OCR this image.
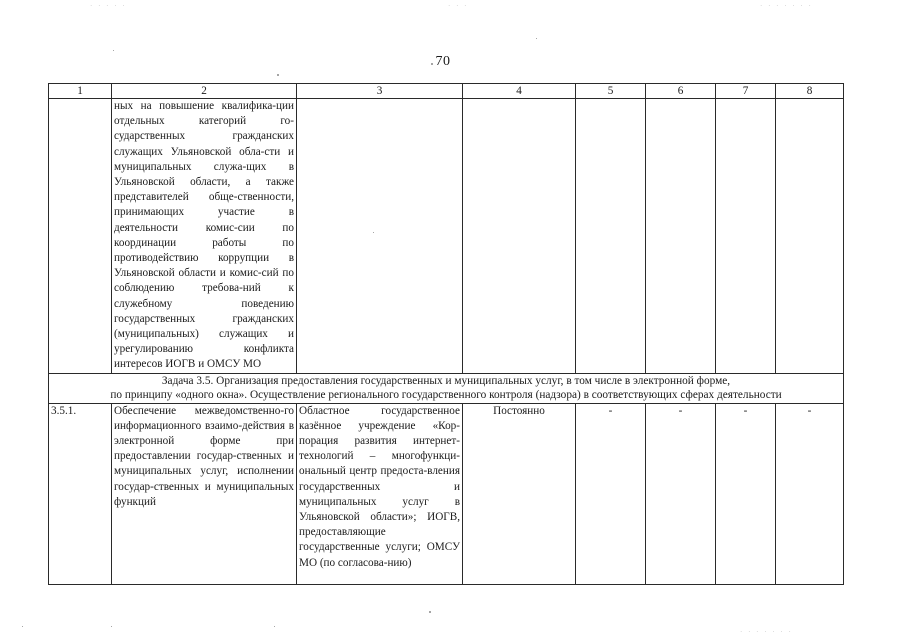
70
1	2	3	4	5	6	7	8
	ных на повышение квалифика-ции отдельных категорий го-сударственных гражданских служащих Ульяновской обла-сти и муниципальных служа-щих в Ульяновской области, а также представителей обще-ственности, принимающих участие в деятельности комис-сии по координации работы по противодействию коррупции в Ульяновской области и комис-сий по соблюдению требова-ний к служебному поведению государственных гражданских (муниципальных) служащих и урегулированию конфликта интересов ИОГВ и ОМСУ МО						

Задача 3.5. Организация предоставления государственных и муниципальных услуг, в том числе в электронной форме,
по принципу «одного окна». Осуществление регионального государственного контроля (надзора) в соответствующих сферах деятельности							

3.5.1.	Обеспечение межведомственно-го информационного взаимо-действия в электронной форме при предоставлении государ-ственных и муниципальных услуг, исполнении государ-ственных и муниципальных функций	Областное государственное казённое учреждение «Кор-порация развития интернет-технологий – многофункци-ональный центр предоста-вления государственных и муниципальных услуг в Ульяновской области»; ИОГВ, предоставляющие государственные услуги; ОМСУ МО (по согласова-нию)	Постоянно	-	-	-	-
· · · · ·	· · ·	· · · · · · ·
· · · · · · ·
